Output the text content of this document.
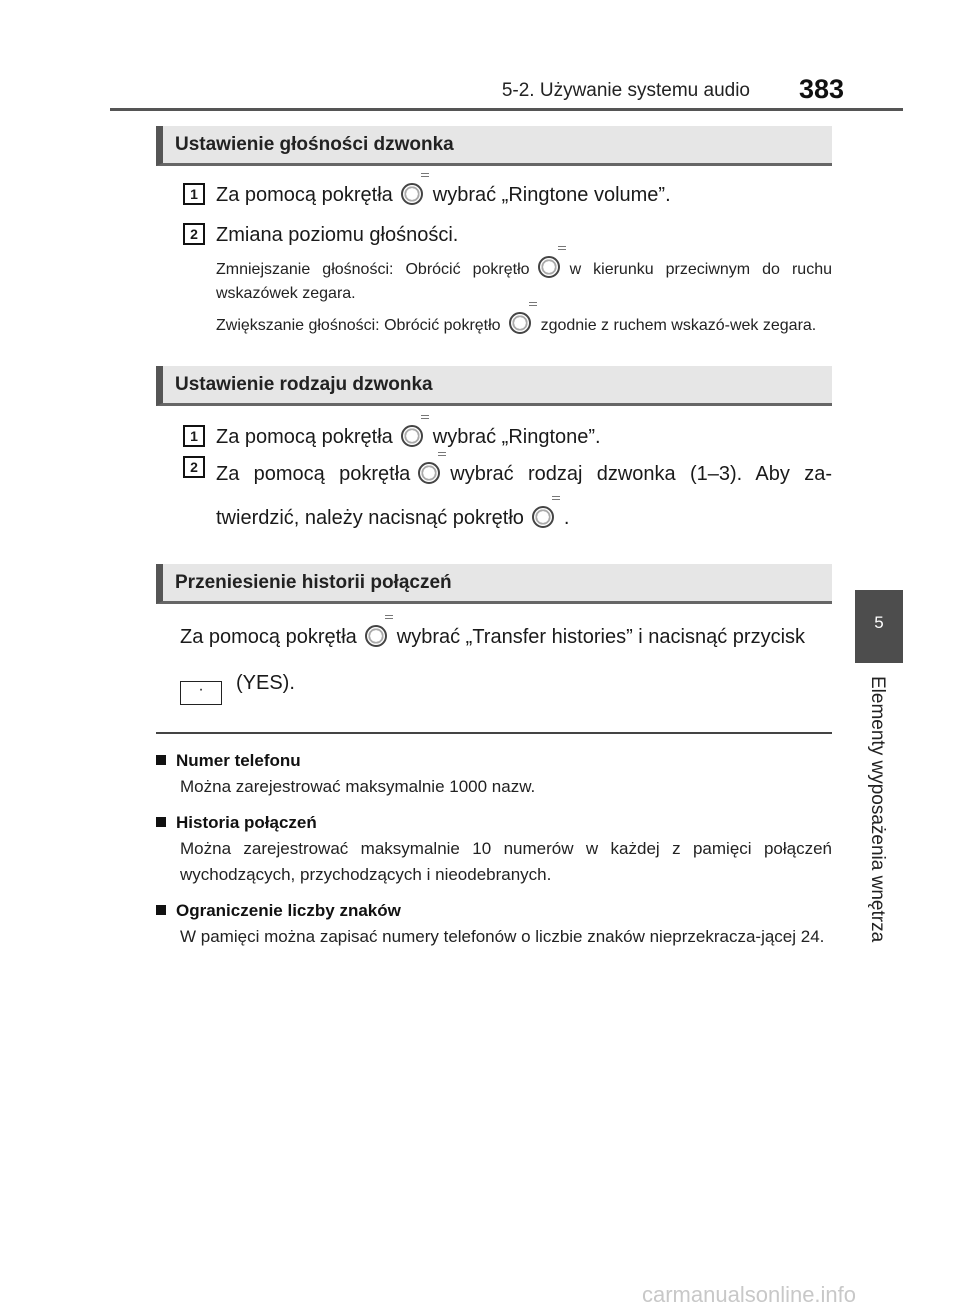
5-2. Używanie systemu audio 383
5
Elementy wyposażenia wnętrza
Ustawienie głośności dzwonka
1 Za pomocą pokrętła wybrać „Ringtone volume”.
2 Zmiana poziomu głośności.

Zmniejszanie głośności: Obrócić pokrętło	w kierunku przeciwnym do ruchu wskazówek zegara.

Zwiększanie głośności: Obrócić pokrętło	zgodnie z ruchem wskazó-wek zegara.

Ustawienie rodzaju dzwonka
1 Za pomocą pokrętła wybrać „Ringtone”.
2 Za pomocą pokrętła wybrać rodzaj dzwonka (1–3). Aby za-twierdzić, należy nacisnąć pokrętło .
Przeniesienie historii połączeń
Za pomocą pokrętła wybrać „Transfer histories” i nacisnąć przycisk
· (YES).
Numer telefonu
Można zarejestrować maksymalnie 1000 nazw.
Historia połączeń
Można zarejestrować maksymalnie 10 numerów w każdej z pamięci połączeń wychodzących, przychodzących i nieodebranych.
Ograniczenie liczby znaków
W pamięci można zapisać numery telefonów o liczbie znaków nieprzekracza-jącej 24.
carmanualsonline.info
